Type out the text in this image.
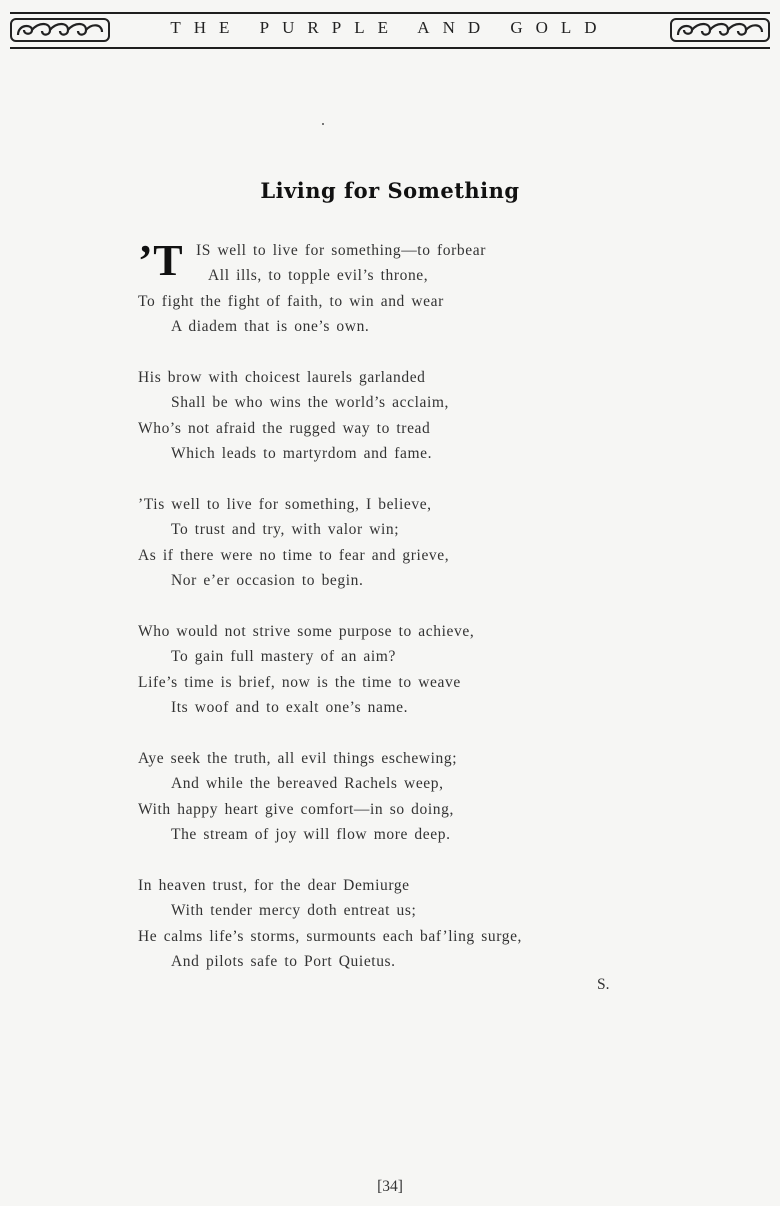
THE PURPLE AND GOLD
Living for Something
’T IS well to live for something—to forbear
All ills, to topple evil’s throne,
To fight the fight of faith, to win and wear
A diadem that is one’s own.
His brow with choicest laurels garlanded
Shall be who wins the world’s acclaim,
Who’s not afraid the rugged way to tread
Which leads to martyrdom and fame.
’Tis well to live for something, I believe,
To trust and try, with valor win;
As if there were no time to fear and grieve,
Nor e’er occasion to begin.
Who would not strive some purpose to achieve,
To gain full mastery of an aim?
Life’s time is brief, now is the time to weave
Its woof and to exalt one’s name.
Aye seek the truth, all evil things eschewing;
And while the bereaved Rachels weep,
With happy heart give comfort—in so doing,
The stream of joy will flow more deep.
In heaven trust, for the dear Demiurge
With tender mercy doth entreat us;
He calms life’s storms, surmounts each baf’ling surge,
And pilots safe to Port Quietus.
S.
[34]
